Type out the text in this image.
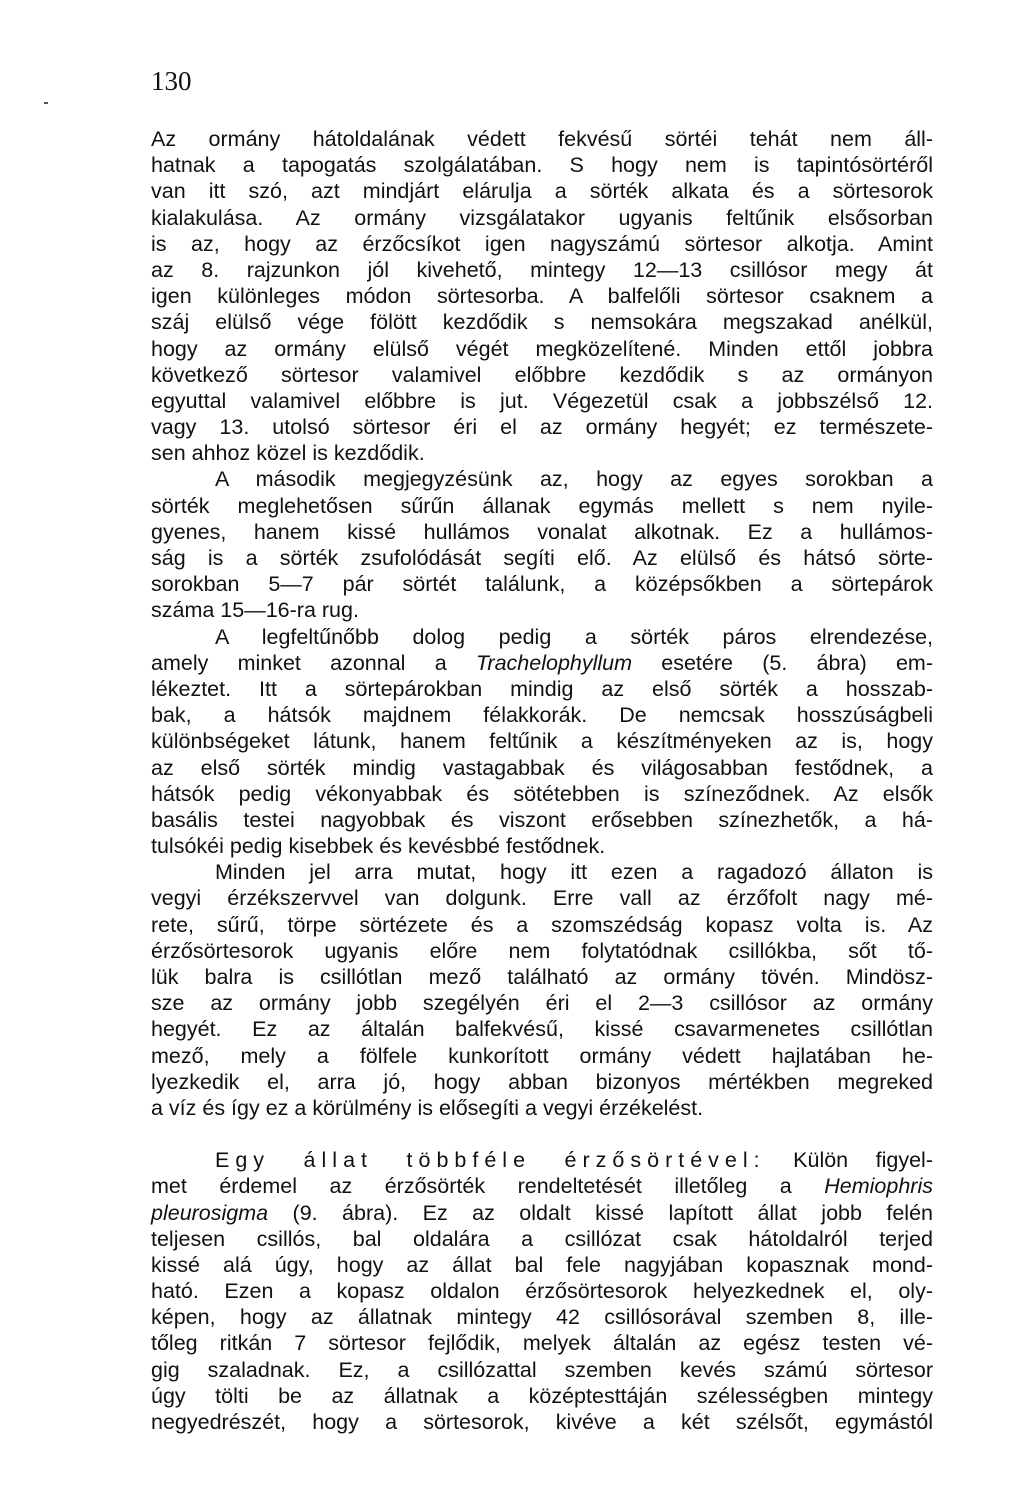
130
Az ormány hátoldalának védett fekvésű sörtéi tehát nem áll-
hatnak a tapogatás szolgálatában. S hogy nem is tapintósörtéről
van itt szó, azt mindjárt elárulja a sörték alkata és a sörtesorok
kialakulása. Az ormány vizsgálatakor ugyanis feltűnik elsősorban
is az, hogy az érzőcsíkot igen nagyszámú sörtesor alkotja. Amint
az 8. rajzunkon jól kivehető, mintegy 12—13 csillósor megy át
igen különleges módon sörtesorba. A balfelőli sörtesor csaknem a
száj elülső vége fölött kezdődik s nemsokára megszakad anélkül,
hogy az ormány elülső végét megközelítené. Minden ettől jobbra
következő sörtesor valamivel előbbre kezdődik s az ormányon
egyuttal valamivel előbbre is jut. Végezetül csak a jobbszélső 12.
vagy 13. utolsó sörtesor éri el az ormány hegyét; ez természete-
sen ahhoz közel is kezdődik.
A második megjegyzésünk az, hogy az egyes sorokban a
sörték meglehetősen sűrűn állanak egymás mellett s nem nyile-
gyenes, hanem kissé hullámos vonalat alkotnak. Ez a hullámos-
ság is a sörték zsufolódását segíti elő. Az elülső és hátsó sörte-
sorokban 5—7 pár sörtét találunk, a középsőkben a sörtepárok
száma 15—16-ra rug.
A legfeltűnőbb dolog pedig a sörték páros elrendezése,
amely minket azonnal a Trachelophyllum esetére (5. ábra) em-
lékeztet. Itt a sörtepárokban mindig az első sörték a hosszab-
bak, a hátsók majdnem félakkorák. De nemcsak hosszúságbeli
különbségeket látunk, hanem feltűnik a készítményeken az is, hogy
az első sörték mindig vastagabbak és világosabban festődnek, a
hátsók pedig vékonyabbak és sötétebben is színeződnek. Az elsők
basális testei nagyobbak és viszont erősebben színezhetők, a há-
tulsókéi pedig kisebbek és kevésbbé festődnek.
Minden jel arra mutat, hogy itt ezen a ragadozó állaton is
vegyi érzékszervvel van dolgunk. Erre vall az érzőfolt nagy mé-
rete, sűrű, törpe sörtézete és a szomszédság kopasz volta is. Az
érzősörtesorok ugyanis előre nem folytatódnak csillókba, sőt tő-
lük balra is csillótlan mező található az ormány tövén. Mindösz-
sze az ormány jobb szegélyén éri el 2—3 csillósor az ormány
hegyét. Ez az általán balfekvésű, kissé csavarmenetes csillótlan
mező, mely a fölfele kunkorított ormány védett hajlatában he-
lyezkedik el, arra jó, hogy abban bizonyos mértékben megreked
a víz és így ez a körülmény is elősegíti a vegyi érzékelést.
Egy állat többféle érzősörtével: Külön figyel-
met érdemel az érzősörték rendeltetését illetőleg a Hemiophris
pleurosigma (9. ábra). Ez az oldalt kissé lapított állat jobb felén
teljesen csillós, bal oldalára a csillózat csak hátoldalról terjed
kissé alá úgy, hogy az állat bal fele nagyjában kopasznak mond-
ható. Ezen a kopasz oldalon érzősörtesorok helyezkednek el, oly-
képen, hogy az állatnak mintegy 42 csillósorával szemben 8, ille-
tőleg ritkán 7 sörtesor fejlődik, melyek általán az egész testen vé-
gig szaladnak. Ez, a csillózattal szemben kevés számú sörtesor
úgy tölti be az állatnak a középtesttáján szélességben mintegy
negyedrészét, hogy a sörtesorok, kivéve a két szélsőt, egymástól
